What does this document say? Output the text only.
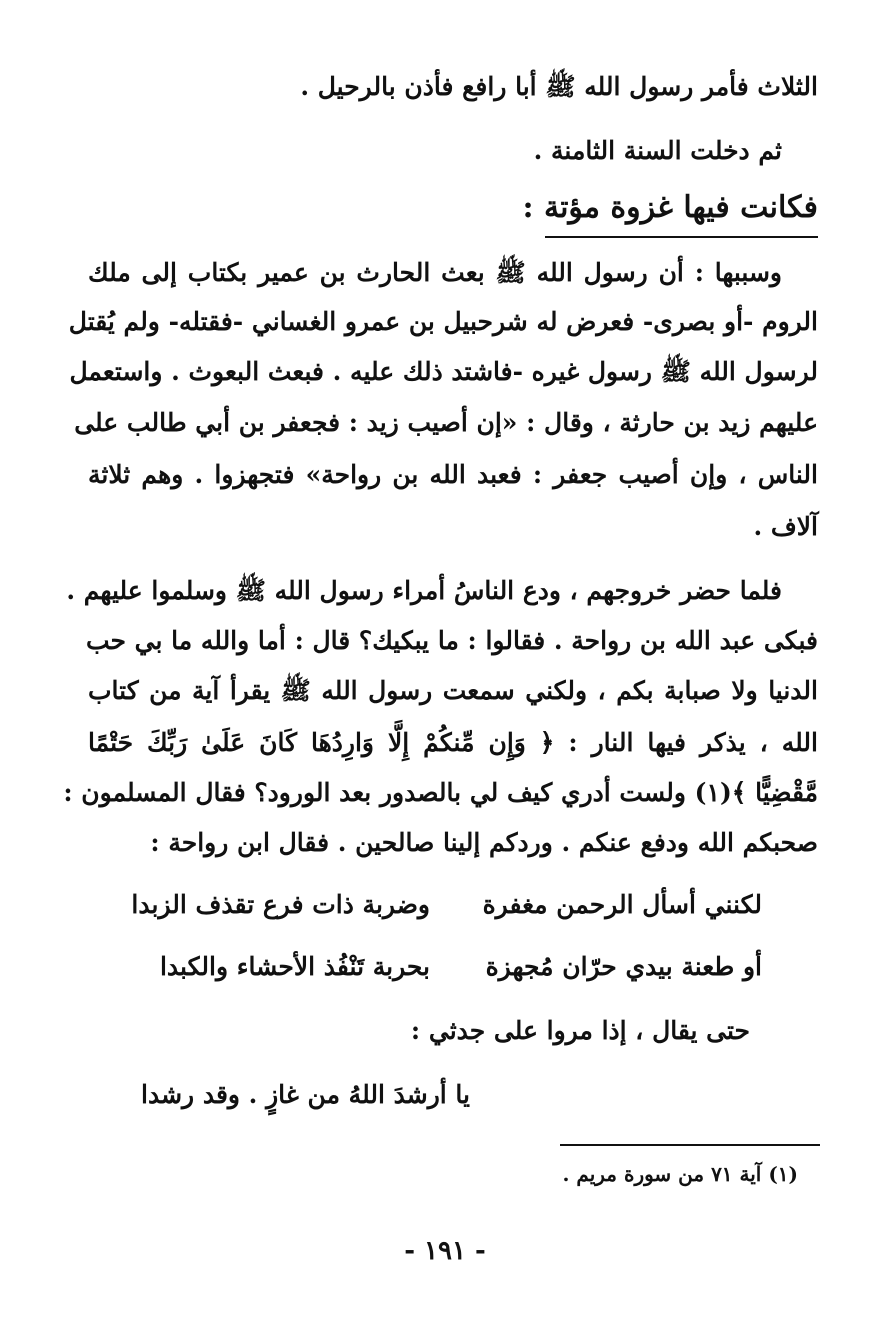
الثلاث فأمر رسول الله ﷺ أبا رافع فأذن بالرحيل .
ثم دخلت السنة الثامنة .
فكانت فيها غزوة مؤتة :
وسببها : أن رسول الله ﷺ بعث الحارث بن عمير بكتاب إلى ملك
الروم -أو بصرى- فعرض له شرحبيل بن عمرو الغساني -فقتله- ولم يُقتل
لرسول الله ﷺ رسول غيره -فاشتد ذلك عليه . فبعث البعوث . واستعمل
عليهم زيد بن حارثة ، وقال : «إن أصيب زيد : فجعفر بن أبي طالب على
الناس ، وإن أصيب جعفر : فعبد الله بن رواحة» فتجهزوا . وهم ثلاثة
آلاف .
فلما حضر خروجهم ، ودع الناسُ أمراء رسول الله ﷺ وسلموا عليهم .
فبكى عبد الله بن رواحة . فقالوا : ما يبكيك؟ قال : أما والله ما بي حب
الدنيا ولا صبابة بكم ، ولكني سمعت رسول الله ﷺ يقرأ آية من كتاب
الله ، يذكر فيها النار : ﴿ وَإِن مِّنكُمْ إِلَّا وَارِدُهَا كَانَ عَلَىٰ رَبِّكَ حَتْمًا
مَّقْضِيًّا ﴾(١) ولست أدري كيف لي بالصدور بعد الورود؟ فقال المسلمون :
صحبكم الله ودفع عنكم . وردكم إلينا صالحين . فقال ابن رواحة :
لكنني أسأل الرحمن مغفرة
وضربة ذات فرع تقذف الزبدا
أو طعنة بيدي حرّان مُجهزة
بحربة تَنْفُذ الأحشاء والكبدا
حتى يقال ، إذا مروا على جدثي :
يا أرشدَ اللهُ من غازٍ . وقد رشدا
(١) آية ٧١ من سورة مريم .
- ١٩١ -
